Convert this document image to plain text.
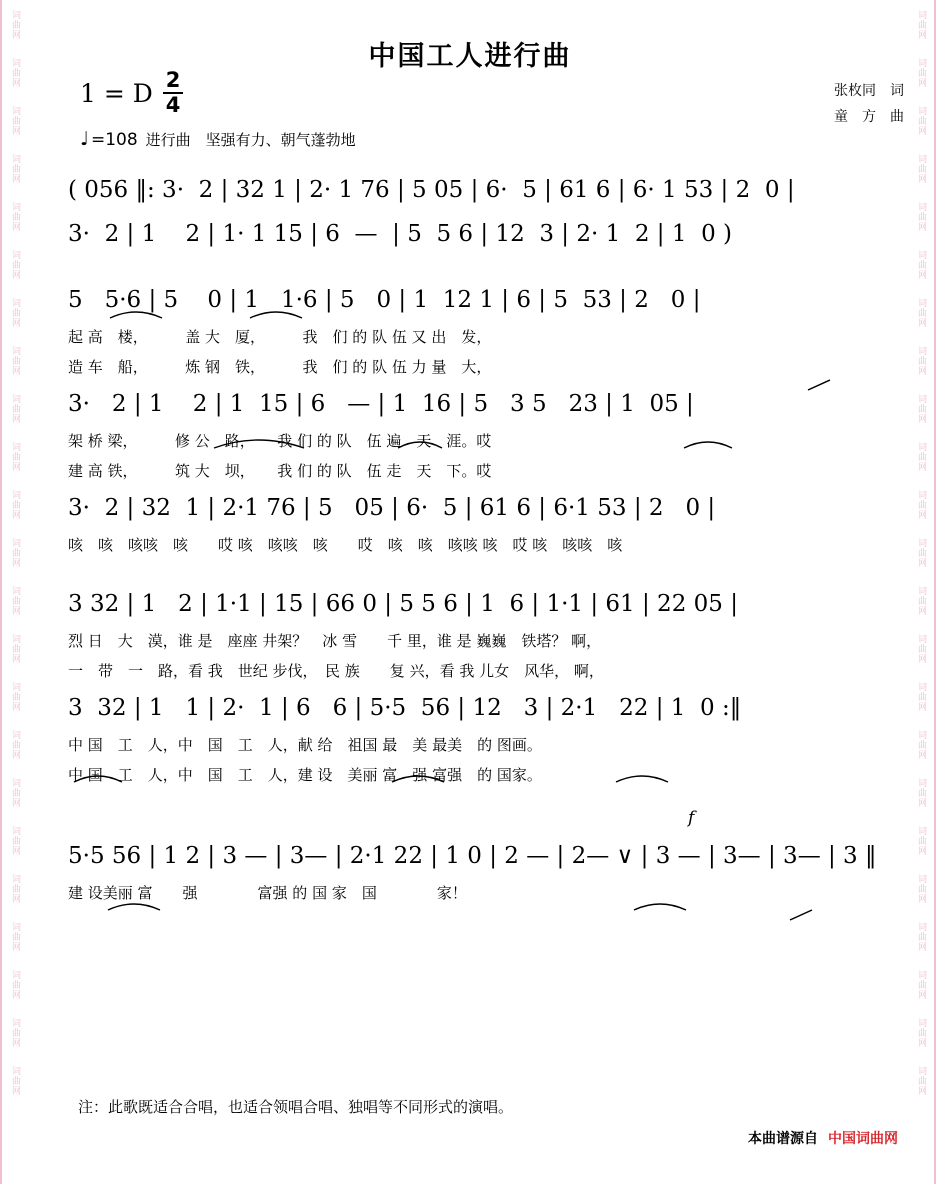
词曲网
词曲网
词曲网
词曲网
词曲网
词曲网
词曲网
词曲网
词曲网
词曲网
词曲网
词曲网
词曲网
词曲网
词曲网
词曲网
词曲网
词曲网
词曲网
词曲网
词曲网
词曲网
词曲网
词曲网
词曲网
词曲网
词曲网
词曲网
词曲网
词曲网
词曲网
词曲网
词曲网
词曲网
词曲网
词曲网
词曲网
词曲网
词曲网
词曲网
词曲网
词曲网
词曲网
词曲网
词曲网
词曲网
中国工人进行曲
1 = D $\frac{2}{4}$
♩ =108 进行曲　坚强有力、朝气蓬勃地
张枚同 词
童　方 曲
( 056 ‖: 3·  2 | 32 1 | 2· 1 76 | 5 05 | 6·  5 | 61 6 | 6· 1 53 | 2  0 |
3·  2 | 1    2 | 1· 1 15 | 6  —  | 5  5 6 | 12  3 | 2· 1  2 | 1  0 )
5   5·6 | 5    0 | 1   1·6 | 5   0 | 1  12 1 | 6 | 5  53 | 2   0 |
起 高　楼，　　　盖 大　厦，　　　我　们 的 队 伍 又 出　发，
造 车　船，　　　炼 钢　铁，　　　我　们 的 队 伍 力 量　大，
3·   2 | 1    2 | 1  15 | 6   — | 1  16 | 5   3 5   23 | 1  05 |
架 桥 梁，　　　修 公　路，　　我 们 的 队　伍 遍　天　涯。哎
建 高 铁，　　　筑 大　坝，　　我 们 的 队　伍 走　天　下。哎
3·  2 | 32  1 | 2·1 76 | 5   05 | 6·  5 | 61 6 | 6·1 53 | 2   0 |
咳　咳　咳咳　咳　　哎 咳　咳咳　咳　　哎　咳　咳　咳咳 咳　哎 咳　咳咳　咳
3 32 | 1   2 | 1·1 | 15 | 66 0 | 5 5 6 | 1  6 | 1·1 | 61 | 22 05 |
烈 日　大　漠，谁 是　座座 井架？　冰 雪　　千 里，谁 是 巍巍　铁塔？ 啊，
一　带　一　路，看 我　世纪 步伐，　民 族　　复 兴，看 我 儿女　风华， 啊，
3  32 | 1   1 | 2·  1 | 6   6 | 5·5  56 | 12   3 | 2·1   22 | 1  0 :‖
中 国　工　人，中　国　工　人，献 给　祖国 最　美 最美　的 图画。
中 国　工　人，中　国　工　人，建 设　美丽 富　强 富强　的 国家。
f
5·5 56 | 1 2 | 3 — | 3— | 2·1 22 | 1 0 | 2 — | 2— ∨ | 3 — | 3— | 3— | 3 ‖
建 设美丽 富　　强　　　　富强 的 国 家　国　　　　家！
注：此歌既适合合唱，也适合领唱合唱、独唱等不同形式的演唱。
本曲谱源自 中国词曲网
